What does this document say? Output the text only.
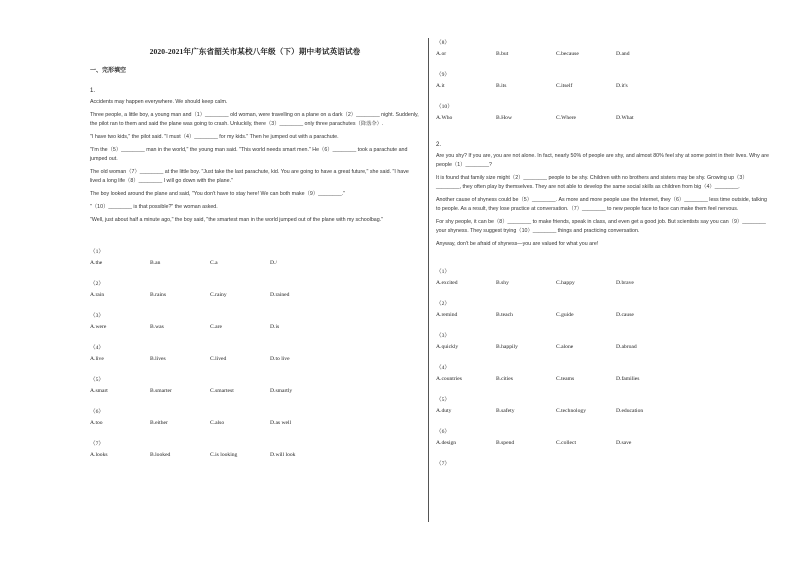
2020-2021年广东省韶关市某校八年级（下）期中考试英语试卷
一、完形填空
1.
Accidents may happen everywhere. We should keep calm.
Three people, a little boy, a young man and（1）________ old woman, were travelling on a plane on a dark（2）________ night. Suddenly, the pilot ran to them and said the plane was going to crash. Unluckily, there（3）________ only three parachutes（降落伞）.
"I have two kids," the pilot said. "I must（4）________ for my kids." Then he jumped out with a parachute.
"I'm the（5）________ man in the world," the young man said. "This world needs smart men." He（6）________ took a parachute and jumped out.
The old woman（7）________ at the little boy. "Just take the last parachute, kid. You are going to have a great future," she said. "I have lived a long life（8）________ I will go down with the plane."
The boy looked around the plane and said, "You don't have to stay here! We can both make（9）________."
"（10）________ is that possible?" the woman asked.
"Well, just about half a minute ago," the boy said, "the smartest man in the world jumped out of the plane with my schoolbag."
（1）
A.the	B.an	C.a	D./
（2）
A.rain	B.rains	C.rainy	D.rained
（3）
A.were	B.was	C.are	D.is
（4）
A.live	B.lives	C.lived	D.to live
（5）
A.smart	B.smarter	C.smartest	D.smartly
（6）
A.too	B.either	C.also	D.as well
（7）
A.looks	B.looked	C.is looking	D.will look
（8）
A.or	B.but	C.because	D.and
（9）
A.it	B.its	C.itself	D.it's
（10）
A.Who	B.How	C.Where	D.What
2.
Are you shy? If you are, you are not alone. In fact, nearly 50% of people are shy, and almost 80% feel shy at some point in their lives. Why are people（1）________?
It is found that family size might（2）________ people to be shy. Children with no brothers and sisters may be shy. Growing up（3）________, they often play by themselves. They are not able to develop the same social skills as children from big（4）________.
Another cause of shyness could be（5）________. As more and more people use the Internet, they（6）________ less time outside, talking to people. As a result, they lose practice at conversation.（7）________ to new people face to face can make them feel nervous.
For shy people, it can be（8）________ to make friends, speak in class, and even get a good job. But scientists say you can（9）________ your shyness. They suggest trying（10）________ things and practicing conversation.
Anyway, don't be afraid of shyness—you are valued for what you are!
（1）
A.excited	B.shy	C.happy	D.brave
（2）
A.remind	B.teach	C.guide	D.cause
（3）
A.quickly	B.happily	C.alone	D.abroad
（4）
A.countries	B.cities	C.teams	D.families
（5）
A.duty	B.safety	C.technology	D.education
（6）
A.design	B.spend	C.collect	D.save
（7）
